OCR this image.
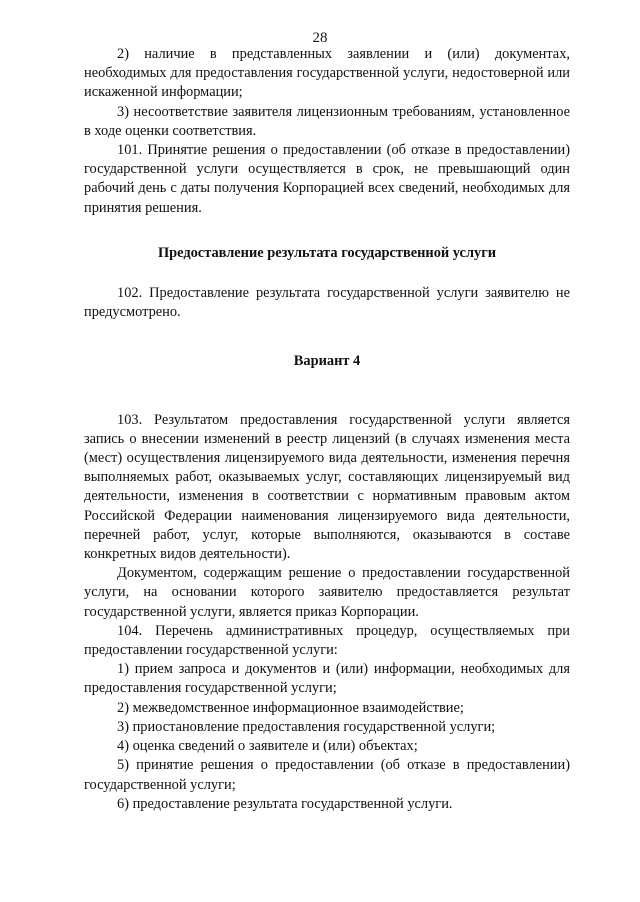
28

2) наличие в представленных заявлении и (или) документах, необходимых для предоставления государственной услуги, недостоверной или искаженной информации;

3) несоответствие заявителя лицензионным требованиям, установленное в ходе оценки соответствия.

101. Принятие решения о предоставлении (об отказе в предоставлении) государственной услуги осуществляется в срок, не превышающий один рабочий день с даты получения Корпорацией всех сведений, необходимых для принятия решения.

Предоставление результата государственной услуги

102. Предоставление результата государственной услуги заявителю не предусмотрено.

Вариант 4

103. Результатом предоставления государственной услуги является запись о внесении изменений в реестр лицензий (в случаях изменения места (мест) осуществления лицензируемого вида деятельности, изменения перечня выполняемых работ, оказываемых услуг, составляющих лицензируемый вид деятельности, изменения в соответствии с нормативным правовым актом Российской Федерации наименования лицензируемого вида деятельности, перечней работ, услуг, которые выполняются, оказываются в составе конкретных видов деятельности).

Документом, содержащим решение о предоставлении государственной услуги, на основании которого заявителю предоставляется результат государственной услуги, является приказ Корпорации.

104. Перечень административных процедур, осуществляемых при предоставлении государственной услуги:

1) прием запроса и документов и (или) информации, необходимых для предоставления государственной услуги;

2) межведомственное информационное взаимодействие;

3) приостановление предоставления государственной услуги;

4) оценка сведений о заявителе и (или) объектах;

5) принятие решения о предоставлении (об отказе в предоставлении) государственной услуги;

6) предоставление результата государственной услуги.
